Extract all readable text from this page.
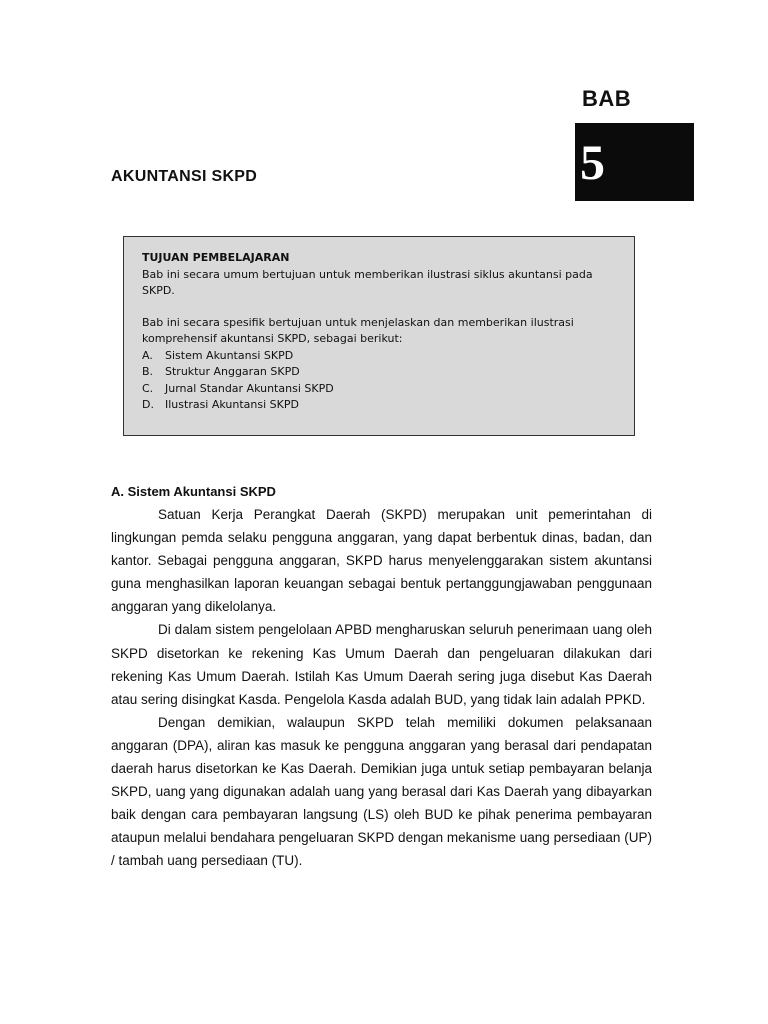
BAB
5
AKUNTANSI SKPD
TUJUAN PEMBELAJARAN

Bab ini secara umum bertujuan untuk memberikan ilustrasi siklus akuntansi pada SKPD.

Bab ini secara spesifik bertujuan untuk menjelaskan dan memberikan ilustrasi komprehensif akuntansi SKPD, sebagai berikut:

A.	Sistem Akuntansi SKPD
B.	Struktur Anggaran SKPD
C.	Jurnal Standar Akuntansi SKPD
D.	Ilustrasi Akuntansi SKPD
A. Sistem Akuntansi SKPD

Satuan Kerja Perangkat Daerah (SKPD) merupakan unit pemerintahan di lingkungan pemda selaku pengguna anggaran, yang dapat berbentuk dinas, badan, dan kantor. Sebagai pengguna anggaran, SKPD harus menyelenggarakan sistem akuntansi guna menghasilkan laporan keuangan sebagai bentuk pertanggungjawaban penggunaan anggaran yang dikelolanya.

Di dalam sistem pengelolaan APBD mengharuskan seluruh penerimaan uang oleh SKPD disetorkan ke rekening Kas Umum Daerah dan pengeluaran dilakukan dari rekening Kas Umum Daerah. Istilah Kas Umum Daerah sering juga disebut Kas Daerah atau sering disingkat Kasda. Pengelola Kasda adalah BUD, yang tidak lain adalah PPKD.

Dengan demikian, walaupun SKPD telah memiliki dokumen pelaksanaan anggaran (DPA), aliran kas masuk ke pengguna anggaran yang berasal dari pendapatan daerah harus disetorkan ke Kas Daerah. Demikian juga untuk setiap pembayaran belanja SKPD, uang yang digunakan adalah uang yang berasal dari Kas Daerah yang dibayarkan baik dengan cara pembayaran langsung (LS) oleh BUD ke pihak penerima pembayaran ataupun melalui bendahara pengeluaran SKPD dengan mekanisme uang persediaan (UP) / tambah uang persediaan (TU).
